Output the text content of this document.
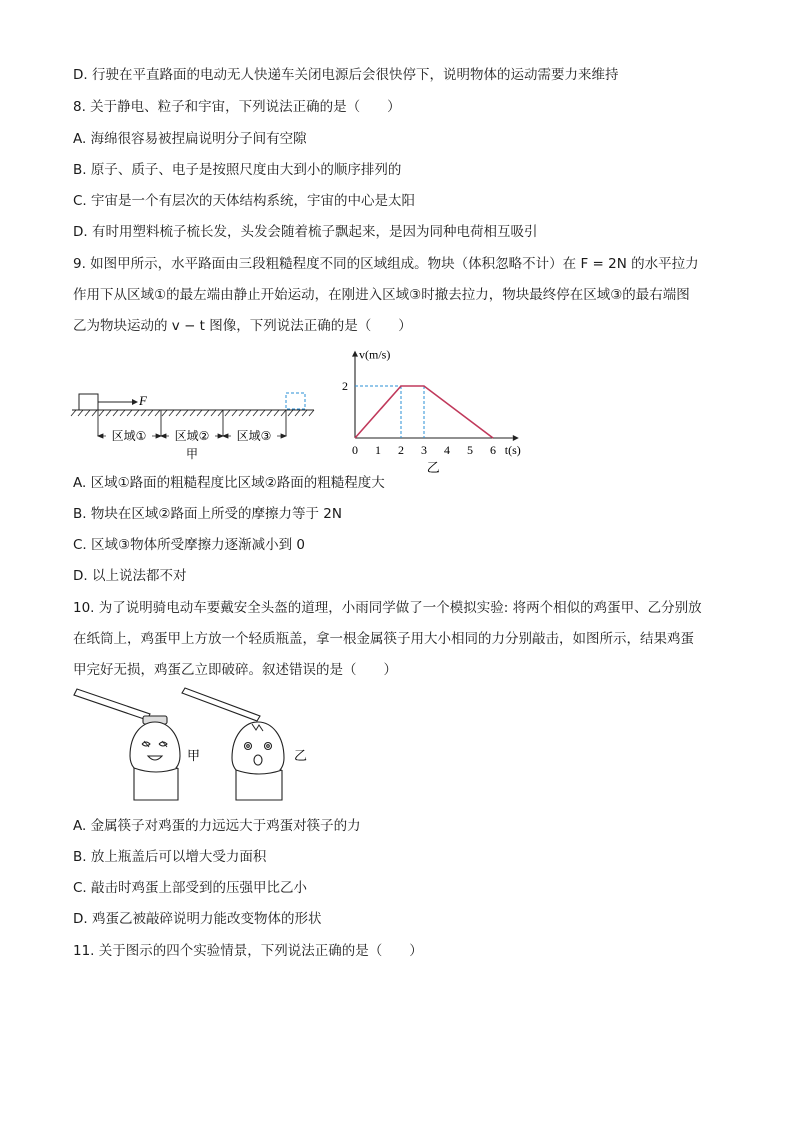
D. 行驶在平直路面的电动无人快递车关闭电源后会很快停下，说明物体的运动需要力来维持
8. 关于静电、粒子和宇宙，下列说法正确的是（　　）
A. 海绵很容易被捏扁说明分子间有空隙
B. 原子、质子、电子是按照尺度由大到小的顺序排列的
C. 宇宙是一个有层次的天体结构系统，宇宙的中心是太阳
D. 有时用塑料梳子梳长发，头发会随着梳子飘起来，是因为同种电荷相互吸引
9. 如图甲所示，水平路面由三段粗糙程度不同的区域组成。物块（体积忽略不计）在 F = 2N 的水平拉力
作用下从区域①的最左端由静止开始运动，在刚进入区域③时撤去拉力，物块最终停在区域③的最右端图
乙为物块运动的 v − t 图像，下列说法正确的是（　　）
F
区域① 区域② 区域③
甲
v(m/s)
t(s)
0 1 2 3 4 5 6
2
乙
A. 区域①路面的粗糙程度比区域②路面的粗糙程度大
B. 物块在区域②路面上所受的摩擦力等于 2N
C. 区域③物体所受摩擦力逐渐减小到 0
D. 以上说法都不对
10. 为了说明骑电动车要戴安全头盔的道理，小雨同学做了一个模拟实验: 将两个相似的鸡蛋甲、乙分别放
在纸筒上，鸡蛋甲上方放一个轻质瓶盖，拿一根金属筷子用大小相同的力分别敲击，如图所示，结果鸡蛋
甲完好无损，鸡蛋乙立即破碎。叙述错误的是（　　）
甲	乙
A. 金属筷子对鸡蛋的力远远大于鸡蛋对筷子的力
B. 放上瓶盖后可以增大受力面积
C. 敲击时鸡蛋上部受到的压强甲比乙小
D. 鸡蛋乙被敲碎说明力能改变物体的形状
11. 关于图示的四个实验情景，下列说法正确的是（　　）
